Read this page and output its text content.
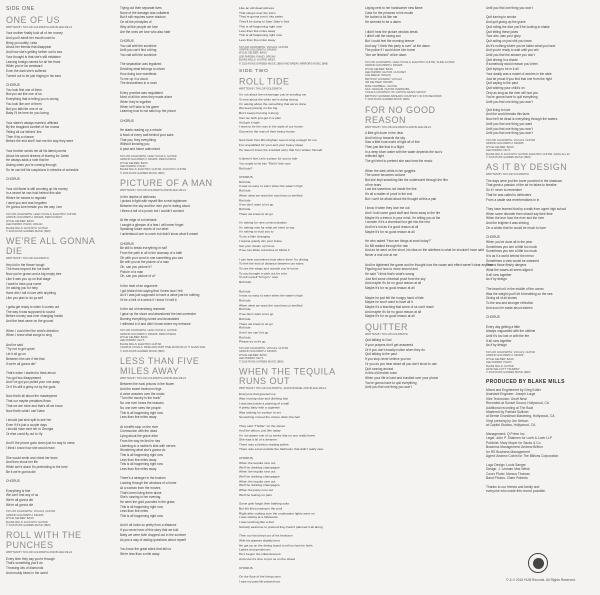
SIDE ONE
ONE OF US
WRITTEN BY TAYLOR GOLDSMITH AND BLAKE MILLS
Your mother finally took all of her money
And you'll admit her mouth used to
Bring you subtly I also
About her friends that disappear
And how she's getting further out to sea
Your thought is that she's still mistaken
Leaving foreign names for all her fears
While you're far westward
Even the dark she's suffered
Turned out to be just ringing in his ears

CHORUS
You look first one of them
But you act like one of us
Everything that is telling you is wrong
You look like one of them
But you talk like one of us
Baby I'll be here for you loving

Your sister's always married, afflicted
By the imagined comfort of her mama
Telling all our fathers' lies
Then if by a chance
Before the end she'll hurt me the way they were

Your brother sends me all his latest poems
About his secret dreams of leaving for Jamie
He always adds a note that he
Asking when you're coming through
So he can tell his suspicions in minutes of schedule

CHORUS

Your old flame is still counting up his money
In a secret he can hold behind this skin
Where he means to regulate
I used you and was forgotten
I'm gonna love beside you the way I am
TAYLOR GOLDSMITH: LEAD VOCALS, ELECTRIC GUITAR
GRIFFIN GOLDSMITH: DRUMS, PERCUSSION
WYLIE GELBER: BASS
LEE PARDINI: PIANO, ORGAN
BLAKE MILLS: ACOUSTIC GUITAR
© 2016 RUNS GARDEN MUSIC (BMI)
WE'RE ALL GONNA DIE
WRITTEN BY TAYLOR GOLDSMITH
Hey kid in the flower bough
The fears beyond the hot trade
Now you're grown and a big empty tree
Like it was you up on that stage
I want to miss your name
I'm asking you for help
Have dim I fall in love with anything
Like you plan to do ya self

I gotta get ready to when it comes out
The way it was supposed to sound
Before money was ever changing hands
And the beat came on the ground

When I could feel the wind's direction
When I knew what songs to sing

And he said
"Try not to get upset
Let it all go on
Between him see if bet that
If we're all gonna die"

That's when I started to think about
You got two disappeared
And I've got you pulled your one away
Or if it's still a grimy rut by the gods

Now that's all about the masterpiece
That our maybe predators flows
That we are mine and that's all we know
Now that's what I can't take

I should just sink split to see her
Even if it's just a couple days
I should have sent her to Georgia
Or else could fly out to Hy

And if the phone goes down just for way to mess
I think I know how she would react

She would smile and cheat her tears
And then shout her life
While we're alone it's pretending to the best
Be it we're gonna die

CHORUS

Everything is fine
We can't find any of us
We're all gonna die
We're all gonna die
TAYLOR GOLDSMITH: VOCALS, GUITAR
GRIFFIN GOLDSMITH: DRUMS
WYLIE GELBER: BASS
BLAKE MILLS: ACOUSTIC GUITAR
© 2016 RUNS GARDEN MUSIC (BMI)
ROLL WITH THE PUNCHES
WRITTEN BY TAYLOR GOLDSMITH AND BLAKE MILLS
Every time they say you're through
That's something you'll do
Throwing lots of diamonds
And muddy blues in the world
Trying out their separate lives
None of the damage was collateral
But it still requires some wisdom
On all the principles of
Why all the people we love
Are the ones we love who also hate

CHORUS
You call with the sunshine
Until you can't find a thing
You call with the sunshine

The separation was legalized
Deciding what belongs to whom
How doing love manifests
To me up in a cloud
The decorations in a room

Every promise was negotiated
Most of all the ones they made alone
When they're together
When he'll take to his game
Learning how to not catch up the phone

CHORUS

He starts reading up a minute
A book of every wall behind your sake
That you, they everything
Without knowing you
A past and future authorized
TAYLOR GOLDSMITH: LEAD VOCALS, GUITAR
GRIFFIN GOLDSMITH: DRUMS, PERCUSSION
WYLIE GELBER: BASS
LEE PARDINI: PIANO
BLAKE MILLS: ELECTRIC GUITAR, ACOUSTIC GUITAR
© 2016 RUNS GARDEN MUSIC (BMI)
PICTURE OF A MAN
WRITTEN BY TAYLOR GOLDSMITH AND BLAKE MILLS
In the depths of darkness
I picked a fight with myself like a real nightmare
Between the sky and the river you're dating about
I threw a tall of a punch but I couldn't connect

At the edge of a riverbank
I caught a glimpse of a fear I will never forget
Speaking future words of our label
I understood one to cover but didn't know what it meant

CHORUS
Be still to break everything in half
From the path in all in the doorway of a bath
Oh with your word in one something you can
Be with you at the picture of a man
Oh, can you picture it?
Picture of a man
Oh, can you picture of a?

In the heat of an argument
I got tricked into saying that I knew how I felt
As if I was just supposed to have a value just for nothing
I'd be a hell of a wreck if I knew I'd sell it

In the act of exercising research
I gave up the shore and abandoned the last surrender
Burning everything ruined and devastated
I reflected in it and didn't know where my entrance
TAYLOR GOLDSMITH: LEAD VOCALS, GUITAR
GRIFFIN GOLDSMITH: DRUMS, PERCUSSION
WYLIE GELBER: BASS
LEE PARDINI: KEYS
BLAKE MILLS: ELECTRIC GUITAR
CHORUS VOCALS: INDIE AND PART TIME MUSIC/PLAY IT AGAIN SAM
© 2016 RUNS GARDEN MUSIC (BMI)
LESS THAN FIVE MILES AWAY
WRITTEN BY TAYLOR GOLDSMITH AND BLAKE MILLS
Between the rural prisons in the flower
And the sweet bedroom rings
A voice answers over the music
"Turn the money in the trunk"
No one ever hears the reasons
No one ever sees the people
This is all happening right now
Less than five miles away

At a traffic stop on the river
Communion with the dead
Lying about the grave alive
From the way he lied he has
Listening to a mother's kids with nerves
Wondering what she's gonna do
This is all happening right now
Less than five miles away
This is all happening right now
Less than five miles away

There's a stranger in the bushes
Looking through the windows of a home
At a woman from the movies
That's been living there alone
She's running in her evening
He sees the gold pounded in the grass
This is all happening right now
Less than five miles
This is all happening right now

And it all looks so pretty from a distance
If you never hear of this story that we told
Baby we were both dropped out in the summer
As just a way of asking questions about myself

You know the great sides that fall us
We're less than a mile away
Like an old dead witness
That sleeps over the town
They're gonna turn it into parks
They'll be doing to Starr Starr's Sea
This is all happening right now
Less than five miles away
This is all happening right now
Less than five miles away
TAYLOR GOLDSMITH: VOCALS, GUITAR
GRIFFIN GOLDSMITH: DRUMS
WYLIE GELBER: BASS
LEE PARDINI: PIANO, ORGAN
BLAKE MILLS: GUITAR, BASS
© 2016 RUNS GARDEN MUSIC (BMI) AND BREAK MIRRORS MUSIC (BMI)
SIDE TWO
ROLL TIDE
WRITTEN BY TAYLOR GOLDSMITH
I'm not about the messenger you're sending me
To rest about the whim we're doing wrong
I'm asking about the something that we've done
We keep pissing on the big
But it keeps burning it along
Can we both just get in a plan
And get it right
I want to be the man in the state of our house
Gonna be the man of their heavy house

Now back from Birmingham seems long enough for me
For unqualified for your and your heavy ideas
He doesn't know the troubled story that he's written himself

It doesn't hurt Let's a place for you to ride
You ought to hit him "Roll it' tide now
Roll tide?

CHORUS
Roll tide
It was so easy to swim when the water's high
Roll tide
When what we want the most has us terrified
Roll tide
If we don't want to let go
Roll tide
There we know to let go

I'm asking for new communication
I'm asking now for what we have to say
I'm asking to trust you to
To do a little changing
I wanna quietly win your brave
Get your dream up home
If we can allow ourselves to follow it

I can hear sometimes how when there I'm driving
To feel the kind of distance between our sides
To see the wings and outside you're home
To you brought a wish out for a fur
To tell myself "bring in" now
Roll tide!

Roll tide
It was so easy to swim when the water's high
Roll tide
When what we want the most has us terrified
Roll tide
If we don't want to let go
Roll tide
There we know to let go
Roll tide
And if we can't let go
Roll tide
Please try to let go
TAYLOR GOLDSMITH: VOCALS, GUITAR
GRIFFIN GOLDSMITH: DRUMS
WYLIE GELBER: BASS
LEE PARDINI: KEYS
© 2016 RUNS GARDEN MUSIC (BMI)
WHEN THE TEQUILA RUNS OUT
WRITTEN BY TAYLOR GOLDSMITH, JASON BOESEL AND BLAKE MILLS
Everyone that greeted me
Was moving slow and drinking fast
I was fast inside a painting of a wall
A pretty baby with a cigarette
Was looking for a place to set
Something moved the voices down the hall

They said "Thriller" on the stereo
And the album, just like today
I'm not aware one of us seeks that no one really knew
She was a bit of a dreamer
There was a fashion reading jeebie
There was a few outside the bathroom that didn't really care

CHORUS
When the tequila runs out
We'll be drinking champagne
When the tequila runs out
We'll be drinking champagne
When the tequila runs out
We'll be drinking champagne
When the party runs out
We'll be feeling no pain

Some girls forgot their bathing suits
But felt like jumping in the pool
Right after making sure the underwater lights were on
I was staring at a silhouette
I was touching like a fool
Nobody welcome to pretend they hadn't planned it all along

Then our host kept out of his bedroom
With his glasses slightly bent
He got up on the dining board to tell us how he feels
Ladies and gentlemen
He's begun the initial descent
And now it's time to put us on the wheel

CHORUS

On the floor of the living room
I saw my past life passed out
Laying next to her handsomer new flame
Case for the princess in his mouth
He looked a lot like me
He seemed to be a damn

I didn't hear the picture window break
I didn't call the racing sun
But I could feel the morning breeze
And say "I think this party is over" at the dawn
The police if I could drive him home
"Are we finished" at the dawn
TAYLOR GOLDSMITH: LEAD VOCALS, ELECTRIC GUITAR, SLIDE GUITAR
GRIFFIN GOLDSMITH: DRUMS
WYLIE GELBER: BASS
LEE PARDINI: GUITAR, CLAVINET
JOE REECE: ORGAN
BRITTANY HOWARD: VOCALS
JIM KELTNER: DRUMS
MIKE CAMPBELL: GUITAR
SAX: GRAHAM, GUITAR OVERDUBS
VOCALS COURTESY OF CAPITOL MUSIC GROUP
BRITTANY HOWARD APPEARS COURTESY OF ATO RECORDS
© 2016 RUNS GARDEN MUSIC (BMI)
FOR NO GOOD REASON
WRITTEN BY TAYLOR GOLDSMITH AND BLAKE MILLS
A little girl down in the dear
And held up towards the sky
Saw a little boat world of light all of five
Then just like that in a flight
In a deep bluer water with the water depends the sun's
reflected light
The girl tried to pretend she saw hear the music

When the dark orbits in her goggles
The scene becomes undone
But she kept searching like the underworld through the film
of her tears
Lost but somehow not inside the line
It's all a matter of proof in the end
But I can't be afraid about the thought at this a pair

I know it when they love me out
And I hold some good stuff and throw away to the fire
Maybe it's a tremor in your mind, I'm telling you at the
I wonder if it's a chemical four get into the rest
And he's not as if a good reason at all
Maybe it's for no good reason at all

He who asked "How are things at work today?"
So Bill walked through the rain
And as he went on the short, his idea on the sidelines is what he shouldn't have said
Never a real one at me

And he tightened the game and he thought how the cause and effect weren't clear anymore
Figuring out how to move around and
He said "I think that's what's wrong
Just find some chemical proof from the sky
And maybe it's for no good reason at all
Maybe it's for no good reason at all

Maybe he just felt the hungry hand of fate
Maybe he won't want to have all it
Maybe it's a teaching that some of us can't reach
And maybe it's for no good reason at all
Maybe it's for no good reason at all
QUITTER
WRITTEN BY TAYLOR GOLDSMITH
Quit talking to God
If your prayers don't get answered
Or if you don't exactly notice when they do
Quit talking to the past
If you stop never believe you too
Or you do you hear about all you don't know to use
Quit running around
In this old broken town
When your life is hard and bundled over your phone
You're gonna have to quit everything
Until you find one thing you won't
Until you find one thing you won't

Quit turning to smoke
And quit giving up the grave
Quit rolling the dice you'll be looking to shake
Quit telling these jokes
Your aim, was your glory
Quit acting on just shit you know
As it's nothing where you've taken what you have
And you're ready to wait until you win
Until you find the answer you don't
Quit driving in a shade
If somebody would reason you'd feel
Quit trying to be in it all
Your daddy was a model of worries in the aisle
Just be proud if you find that one from the right
Quit saying to the past
Quit wishing your child's on
Only as long as the river will hurt you
You're gonna have to quit everything
Until you find one thing you won't
Quit living to love
And the world breaks this facts
Now he'll be dead is everything through the waters
Until you find one thing you want
Until you find one thing you won't
Until you find one thing you won't
TAYLOR GOLDSMITH: VOCALS, GUITAR
GRIFFIN GOLDSMITH: DRUMS
WYLIE GELBER: BASS
LEE PARDINI: KEYS
BLAKE MILLS: ACOUSTIC GUITAR, ELECTRIC GUITAR, SANG ALL 20
© 2016 RUNS GARDEN MUSIC (BMI)
AS IT BY DESIGN
WRITTEN BY TAYLOR GOLDSMITH
The days were just the lower punched in the shadows
That great a passion of the air he takes to breathe
So if I never to remember
That he was called to defenders
From a castle sea reverberations in in

They have learned that by a walk from upper high school
When some disorder then should say their time
When the true from the river and the river
And the brighter it was shining
On a winter that he would be much to bore

CHORUS
When you've done all in the year
Sometimes you see a little too much
Sometimes you see a little too much
It is as if a world behind the mirror
Sometimes a view would be smeared
Then a those fleshy dangers
What the waves all seem aligned
It all runs together
As if by design

The heart isn't in the middle of the ocean
Was the weight you'll let it breathing on the sea
Giving all of all stones
To the sea and stronger reflection
And soon he made about sixteen

CHORUS

Every day getting a little
Always unguarded with the oldtime
Until it's too lost or with the fire
It all runs together
As if by design
TAYLOR GOLDSMITH: VOCALS, GUITAR
GRIFFIN GOLDSMITH: DRUMS
WYLIE GELBER: BASS
LEE PARDINI: PIANO
BLAKE MILLS: GUITAR
NATE WALCOTT: TRUMPET
© 2016 RUNS GARDEN MUSIC (BMI)
PRODUCED BY BLAKE MILLS
Mixed and Engineered by Greg Koller
Assistant Engineer: Joseph Lorge
Vibe Technician: Geoff Neal
Recorded at Sunset Sound, Hollywood, CA
Additional recording at The Boat
Mastered by Patricia Sullivan
at Bernie Grundman Mastering, Hollywood, CA
Vinyl pressing by Jen Nelson
at Capitol Studios, Hollywood, CA

Management: Q Prime Inc.
Legal: John P. Shaheen for Loeb & Loeb LLP
Publicist: Mary Moyer for Sacks & Co.
Business Management: Andrew Britton
for RS Business Management
Agent: Andrew Colvin for The Billions Corporation

Logo Design: Louis Sanger
Design: J. Lesham Max Wenk
Cover Photo: Marcus Thomas
Band Photos: Claire Roberts

Thanks to our friends and family and
everyone who made this record possible.
© & ℗ 2016 HUB Records. All Rights Reserved.
